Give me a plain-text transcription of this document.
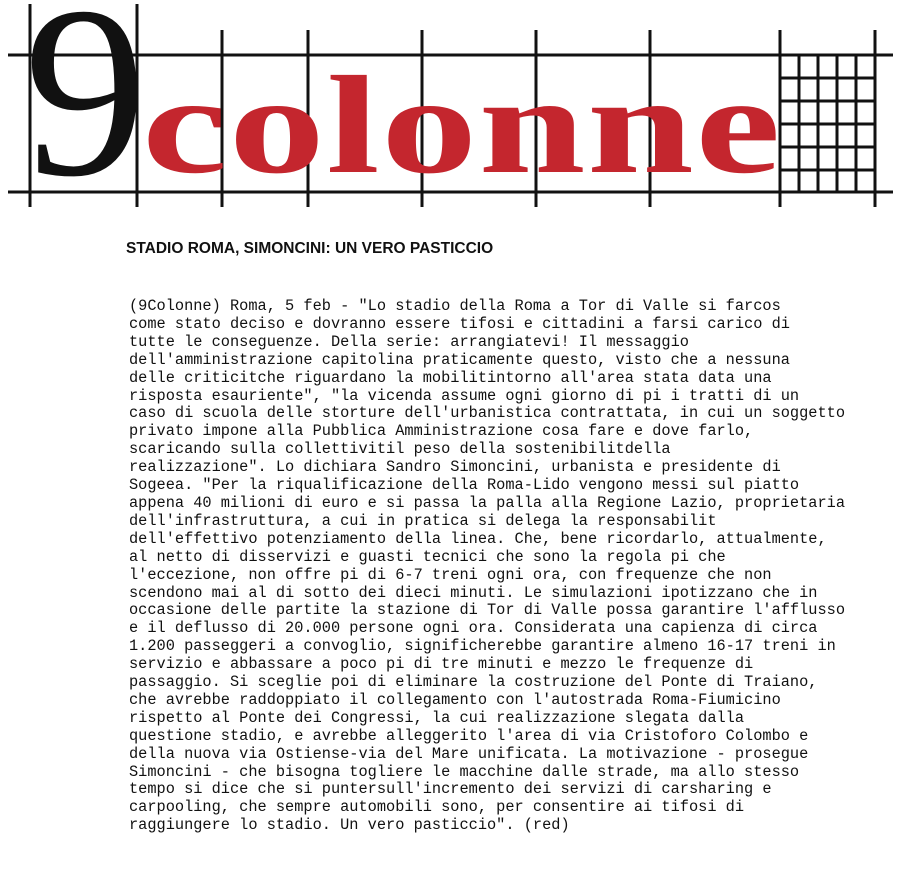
9
colonne
STADIO ROMA, SIMONCINI: UN VERO PASTICCIO
(9Colonne) Roma, 5 feb - "Lo stadio della Roma a Tor di Valle si farcos
come stato deciso e dovranno essere tifosi e cittadini a farsi carico di
tutte le conseguenze. Della serie: arrangiatevi! Il messaggio
dell'amministrazione capitolina praticamente questo, visto che a nessuna
delle criticitche riguardano la mobilitintorno all'area stata data una
risposta esauriente", "la vicenda assume ogni giorno di pi i tratti di un
caso di scuola delle storture dell'urbanistica contrattata, in cui un soggetto
privato impone alla Pubblica Amministrazione cosa fare e dove farlo,
scaricando sulla collettivitil peso della sostenibilitdella
realizzazione". Lo dichiara Sandro Simoncini, urbanista e presidente di
Sogeea. "Per la riqualificazione della Roma-Lido vengono messi sul piatto
appena 40 milioni di euro e si passa la palla alla Regione Lazio, proprietaria
dell'infrastruttura, a cui in pratica si delega la responsabilit
dell'effettivo potenziamento della linea. Che, bene ricordarlo, attualmente,
al netto di disservizi e guasti tecnici che sono la regola pi che
l'eccezione, non offre pi di 6-7 treni ogni ora, con frequenze che non
scendono mai al di sotto dei dieci minuti. Le simulazioni ipotizzano che in
occasione delle partite la stazione di Tor di Valle possa garantire l'afflusso
e il deflusso di 20.000 persone ogni ora. Considerata una capienza di circa
1.200 passeggeri a convoglio, significherebbe garantire almeno 16-17 treni in
servizio e abbassare a poco pi di tre minuti e mezzo le frequenze di
passaggio. Si sceglie poi di eliminare la costruzione del Ponte di Traiano,
che avrebbe raddoppiato il collegamento con l'autostrada Roma-Fiumicino
rispetto al Ponte dei Congressi, la cui realizzazione slegata dalla
questione stadio, e avrebbe alleggerito l'area di via Cristoforo Colombo e
della nuova via Ostiense-via del Mare unificata. La motivazione - prosegue
Simoncini - che bisogna togliere le macchine dalle strade, ma allo stesso
tempo si dice che si puntersull'incremento dei servizi di carsharing e
carpooling, che sempre automobili sono, per consentire ai tifosi di
raggiungere lo stadio. Un vero pasticcio". (red)
